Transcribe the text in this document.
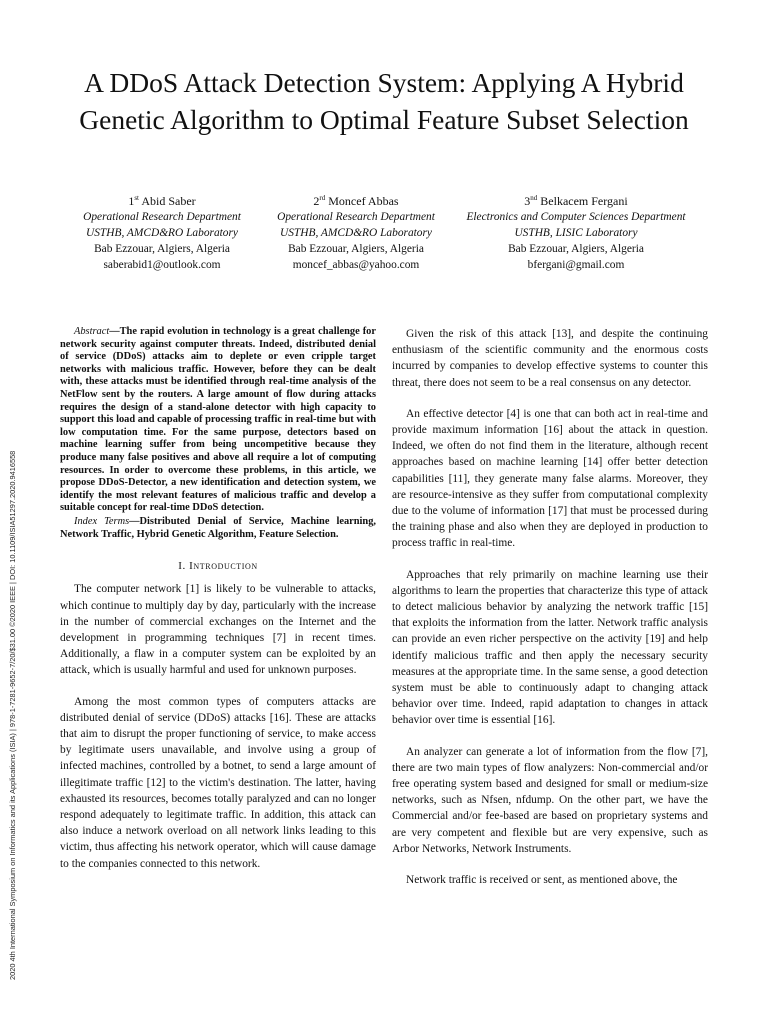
2020 4th International Symposium on Informatics and its Applications (ISIA) | 978-1-7281-9652-7/20/$31.00 ©2020 IEEE | DOI: 10.1109/ISIA51297.2020.9416558
A DDoS Attack Detection System: Applying A Hybrid Genetic Algorithm to Optimal Feature Subset Selection
1st Abid Saber
Operational Research Department
USTHB, AMCD&RO Laboratory
Bab Ezzouar, Algiers, Algeria
saberabid1@outlook.com
2rd Moncef Abbas
Operational Research Department
USTHB, AMCD&RO Laboratory
Bab Ezzouar, Algiers, Algeria
moncef_abbas@yahoo.com
3nd Belkacem Fergani
Electronics and Computer Sciences Department
USTHB, LISIC Laboratory
Bab Ezzouar, Algiers, Algeria
bfergani@gmail.com

Abstract—The rapid evolution in technology is a great challenge for network security against computer threats. Indeed, distributed denial of service (DDoS) attacks aim to deplete or even cripple target networks with malicious traffic. However, before they can be dealt with, these attacks must be identified through real-time analysis of the NetFlow sent by the routers. A large amount of flow during attacks requires the design of a stand-alone detector with high capacity to support this load and capable of processing traffic in real-time but with low computation time. For the same purpose, detectors based on machine learning suffer from being uncompetitive because they produce many false positives and above all require a lot of computing resources. In order to overcome these problems, in this article, we propose DDoS-Detector, a new identification and detection system, we identify the most relevant features of malicious traffic and develop a suitable concept for real-time DDoS detection.

Index Terms—Distributed Denial of Service, Machine learning, Network Traffic, Hybrid Genetic Algorithm, Feature Selection.

I. Introduction

The computer network [1] is likely to be vulnerable to attacks, which continue to multiply day by day, particularly with the increase in the number of commercial exchanges on the Internet and the development in programming techniques [7] in recent times. Additionally, a flaw in a computer system can be exploited by an attack, which is usually harmful and used for unknown purposes.

Among the most common types of computers attacks are distributed denial of service (DDoS) attacks [16]. These are attacks that aim to disrupt the proper functioning of service, to make access by legitimate users unavailable, and involve using a group of infected machines, controlled by a botnet, to send a large amount of illegitimate traffic [12] to the victim's destination. The latter, having exhausted its resources, becomes totally paralyzed and can no longer respond adequately to legitimate traffic. In addition, this attack can also induce a network overload on all network links leading to this victim, thus affecting his network operator, which will cause damage to the companies connected to this network.

Given the risk of this attack [13], and despite the continuing enthusiasm of the scientific community and the enormous costs incurred by companies to develop effective systems to counter this threat, there does not seem to be a real consensus on any detector.

An effective detector [4] is one that can both act in real-time and provide maximum information [16] about the attack in question. Indeed, we often do not find them in the literature, although recent approaches based on machine learning [14] offer better detection capabilities [11], they generate many false alarms. Moreover, they are resource-intensive as they suffer from computational complexity due to the volume of information [17] that must be processed during the training phase and also when they are deployed in production to process traffic in real-time.

Approaches that rely primarily on machine learning use their algorithms to learn the properties that characterize this type of attack to detect malicious behavior by analyzing the network traffic [15] that exploits the information from the latter. Network traffic analysis can provide an even richer perspective on the activity [19] and help identify malicious traffic and then apply the necessary security measures at the appropriate time. In the same sense, a good detection system must be able to continuously adapt to changing attack behavior over time. Indeed, rapid adaptation to changes in attack behavior over time is essential [16].

An analyzer can generate a lot of information from the flow [7], there are two main types of flow analyzers: Non-commercial and/or free operating system based and designed for small or medium-size networks, such as Nfsen, nfdump. On the other part, we have the Commercial and/or fee-based are based on proprietary systems and are very competent and flexible but are very expensive, such as Arbor Networks, Network Instruments.

Network traffic is received or sent, as mentioned above, the
